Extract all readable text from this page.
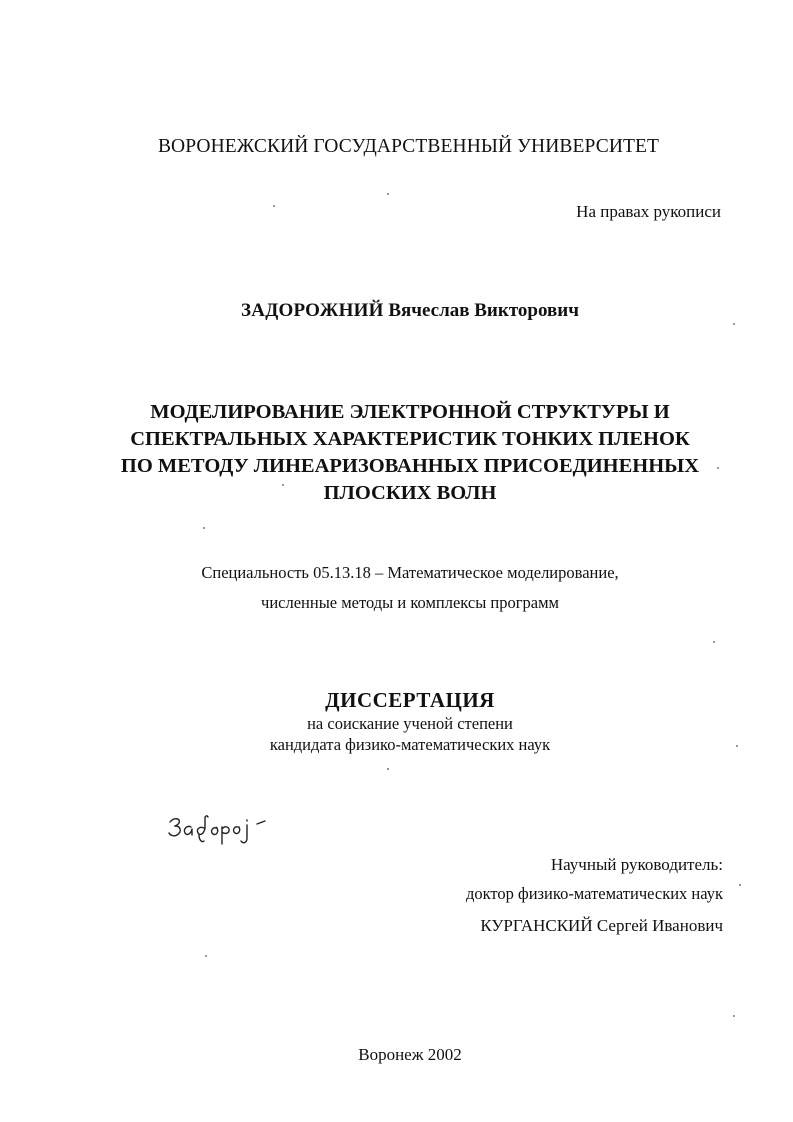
ВОРОНЕЖСКИЙ ГОСУДАРСТВЕННЫЙ УНИВЕРСИТЕТ
На правах рукописи
ЗАДОРОЖНИЙ Вячеслав Викторович
МОДЕЛИРОВАНИЕ ЭЛЕКТРОННОЙ СТРУКТУРЫ И
СПЕКТРАЛЬНЫХ ХАРАКТЕРИСТИК ТОНКИХ ПЛЕНОК
ПО МЕТОДУ ЛИНЕАРИЗОВАННЫХ ПРИСОЕДИНЕННЫХ
ПЛОСКИХ ВОЛН
Специальность 05.13.18 – Математическое моделирование,
численные методы и комплексы программ
ДИССЕРТАЦИЯ
на соискание ученой степени
кандидата физико-математических наук
Научный руководитель:
доктор физико-математических наук
КУРГАНСКИЙ Сергей Иванович
Воронеж 2002
